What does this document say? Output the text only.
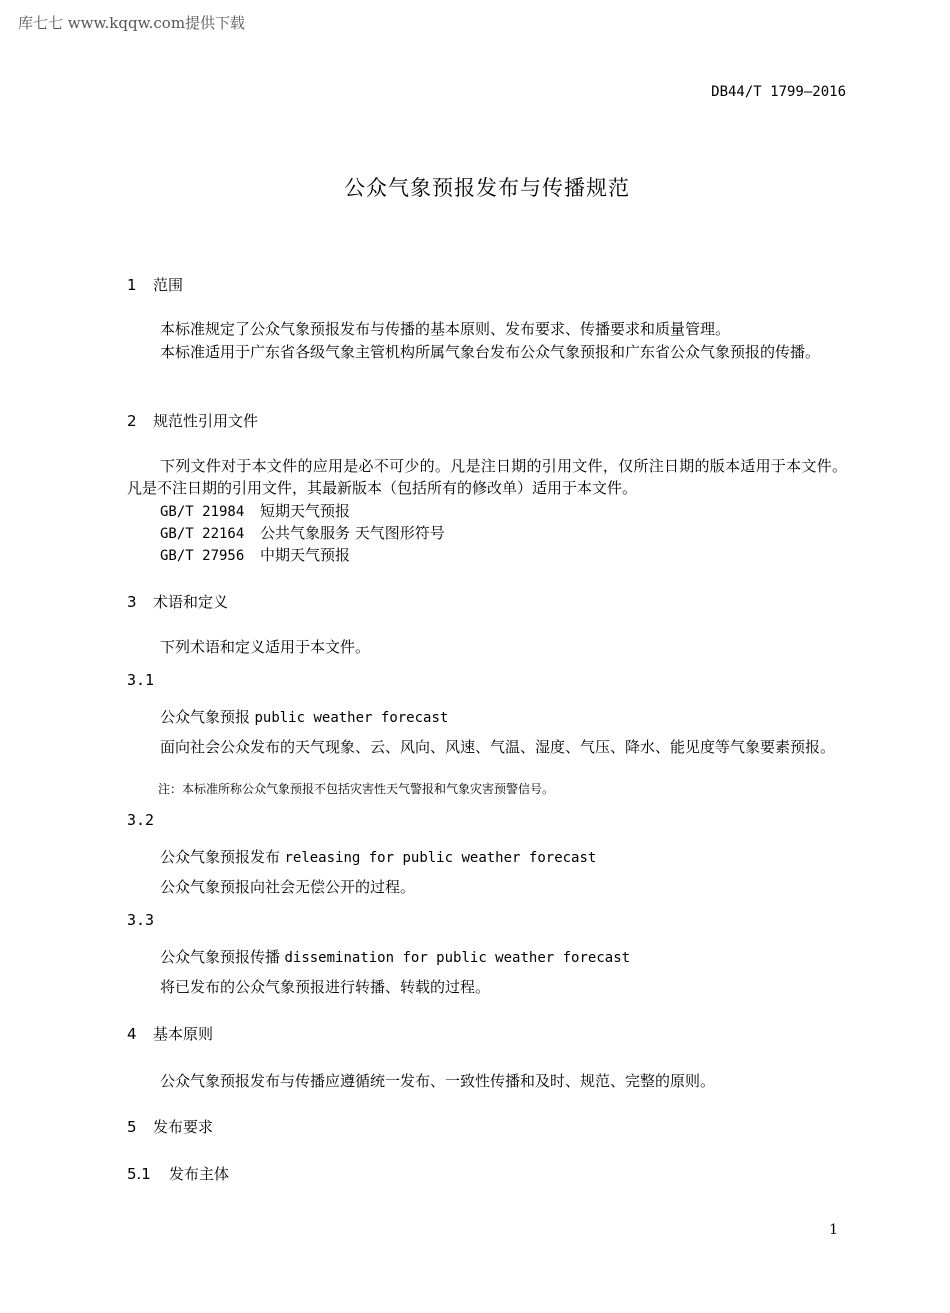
库七七 www.kqqw.com提供下载
DB44/T 1799—2016
公众气象预报发布与传播规范
1 范围
本标准规定了公众气象预报发布与传播的基本原则、发布要求、传播要求和质量管理。
本标准适用于广东省各级气象主管机构所属气象台发布公众气象预报和广东省公众气象预报的传播。
2 规范性引用文件
下列文件对于本文件的应用是必不可少的。凡是注日期的引用文件，仅所注日期的版本适用于本文件。凡是不注日期的引用文件，其最新版本（包括所有的修改单）适用于本文件。
GB/T 21984 短期天气预报
GB/T 22164 公共气象服务 天气图形符号
GB/T 27956 中期天气预报
3 术语和定义
下列术语和定义适用于本文件。
3.1
公众气象预报 public weather forecast
面向社会公众发布的天气现象、云、风向、风速、气温、湿度、气压、降水、能见度等气象要素预报。
注：本标准所称公众气象预报不包括灾害性天气警报和气象灾害预警信号。
3.2
公众气象预报发布 releasing for public weather forecast
公众气象预报向社会无偿公开的过程。
3.3
公众气象预报传播 dissemination for public weather forecast
将已发布的公众气象预报进行转播、转载的过程。
4 基本原则
公众气象预报发布与传播应遵循统一发布、一致性传播和及时、规范、完整的原则。
5 发布要求
5.1 发布主体
1
